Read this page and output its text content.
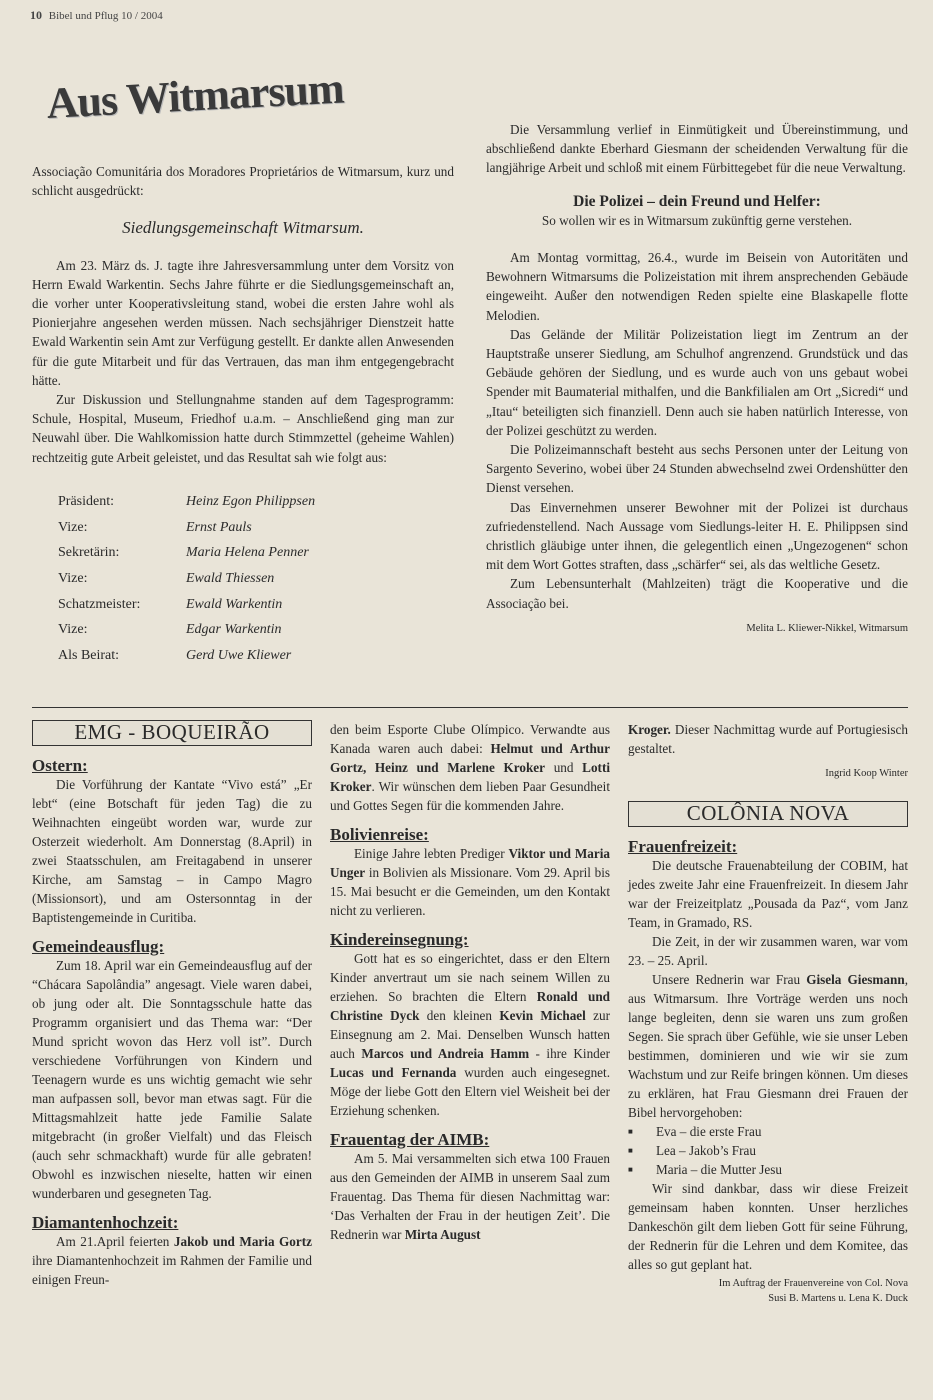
10 Bibel und Pflug 10 / 2004
Aus Witmarsum

Associação Comunitária dos Moradores Proprietários de Witmarsum, kurz und schlicht ausgedrückt:

Siedlungsgemeinschaft Witmarsum.

Am 23. März ds. J. tagte ihre Jahresversammlung unter dem Vorsitz von Herrn Ewald Warkentin. Sechs Jahre führte er die Siedlungsgemeinschaft an, die vorher unter Kooperativsleitung stand, wobei die ersten Jahre wohl als Pionierjahre angesehen werden müssen. Nach sechsjähriger Dienstzeit hatte Ewald Warkentin sein Amt zur Verfügung gestellt. Er dankte allen Anwesenden für die gute Mitarbeit und für das Vertrauen, das man ihm entgegengebracht hätte.

Zur Diskussion und Stellungnahme standen auf dem Tagesprogramm: Schule, Hospital, Museum, Friedhof u.a.m. – Anschließend ging man zur Neuwahl über. Die Wahlkomission hatte durch Stimmzettel (geheime Wahlen) rechtzeitig gute Arbeit geleistet, und das Resultat sah wie folgt aus:

Präsident:	Heinz Egon Philippsen
Vize:	Ernst Pauls
Sekretärin:	Maria Helena Penner
Vize:	Ewald Thiessen
Schatzmeister:	Ewald Warkentin
Vize:	Edgar Warkentin
Als Beirat:	Gerd Uwe Kliewer

Die Versammlung verlief in Einmütigkeit und Übereinstimmung, und abschließend dankte Eberhard Giesmann der scheidenden Verwaltung für die langjährige Arbeit und schloß mit einem Fürbittegebet für die neue Verwaltung.

Die Polizei – dein Freund und Helfer:
So wollen wir es in Witmarsum zukünftig gerne verstehen.

Am Montag vormittag, 26.4., wurde im Beisein von Autoritäten und Bewohnern Witmarsums die Polizeistation mit ihrem ansprechenden Gebäude eingeweiht. Außer den notwendigen Reden spielte eine Blaskapelle flotte Melodien.

Das Gelände der Militär Polizeistation liegt im Zentrum an der Hauptstraße unserer Siedlung, am Schulhof angrenzend. Grundstück und das Gebäude gehören der Siedlung, und es wurde auch von uns gebaut wobei Spender mit Baumaterial mithalfen, und die Bankfilialen am Ort „Sicredi“ und „Itau“ beteiligten sich finanziell. Denn auch sie haben natürlich Interesse, von der Polizei geschützt zu werden.

Die Polizeimannschaft besteht aus sechs Personen unter der Leitung von Sargento Severino, wobei über 24 Stunden abwechselnd zwei Ordenshütter den Dienst versehen.

Das Einvernehmen unserer Bewohner mit der Polizei ist durchaus zufriedenstellend. Nach Aussage vom Siedlungs-leiter H. E. Philippsen sind christlich gläubige unter ihnen, die gelegentlich einen „Ungezogenen“ schon mit dem Wort Gottes straften, dass „schärfer“ sei, als das weltliche Gesetz.

Zum Lebensunterhalt (Mahlzeiten) trägt die Kooperative und die Associação bei.

Melita L. Kliewer-Nikkel, Witmarsum
EMG - BOQUEIRÃO
Ostern:

Die Vorführung der Kantate “Vivo está” „Er lebt“ (eine Botschaft für jeden Tag) die zu Weihnachten eingeübt worden war, wurde zur Osterzeit wiederholt. Am Donnerstag (8.April) in zwei Staatsschulen, am Freitagabend in unserer Kirche, am Samstag – in Campo Magro (Missionsort), und am Ostersonntag in der Baptistengemeinde in Curitiba.

Gemeindeausflug:

Zum 18. April war ein Gemeindeausflug auf der “Chácara Sapolândia” angesagt. Viele waren dabei, ob jung oder alt. Die Sonntagsschule hatte das Programm organisiert und das Thema war: “Der Mund spricht wovon das Herz voll ist”. Durch verschiedene Vorführungen von Kindern und Teenagern wurde es uns wichtig gemacht wie sehr man aufpassen soll, bevor man etwas sagt. Für die Mittagsmahlzeit hatte jede Familie Salate mitgebracht (in großer Vielfalt) und das Fleisch (auch sehr schmackhaft) wurde für alle gebraten! Obwohl es inzwischen nieselte, hatten wir einen wunderbaren und gesegneten Tag.

Diamantenhochzeit:

Am 21.April feierten Jakob und Maria Gortz ihre Diamantenhochzeit im Rahmen der Familie und einigen Freun-

den beim Esporte Clube Olímpico. Verwandte aus Kanada waren auch dabei: Helmut und Arthur Gortz, Heinz und Marlene Kroker und Lotti Kroker. Wir wünschen dem lieben Paar Gesundheit und Gottes Segen für die kommenden Jahre.

Bolivienreise:

Einige Jahre lebten Prediger Viktor und Maria Unger in Bolivien als Missionare. Vom 29. April bis 15. Mai besucht er die Gemeinden, um den Kontakt nicht zu verlieren.

Kindereinsegnung:

Gott hat es so eingerichtet, dass er den Eltern Kinder anvertraut um sie nach seinem Willen zu erziehen. So brachten die Eltern Ronald und Christine Dyck den kleinen Kevin Michael zur Einsegnung am 2. Mai. Denselben Wunsch hatten auch Marcos und Andreia Hamm - ihre Kinder Lucas und Fernanda wurden auch eingesegnet. Möge der liebe Gott den Eltern viel Weisheit bei der Erziehung schenken.

Frauentag der AIMB:

Am 5. Mai versammelten sich etwa 100 Frauen aus den Gemeinden der AIMB in unserem Saal zum Frauentag. Das Thema für diesen Nachmittag war: ‘Das Verhalten der Frau in der heutigen Zeit’. Die Rednerin war Mirta August

Kroger. Dieser Nachmittag wurde auf Portugiesisch gestaltet.

Ingrid Koop Winter
COLÔNIA NOVA
Frauenfreizeit:

Die deutsche Frauenabteilung der COBIM, hat jedes zweite Jahr eine Frauenfreizeit. In diesem Jahr war der Freizeitplatz „Pousada da Paz“, vom Janz Team, in Gramado, RS.

Die Zeit, in der wir zusammen waren, war vom 23. – 25. April.

Unsere Rednerin war Frau Gisela Giesmann, aus Witmarsum. Ihre Vorträge werden uns noch lange begleiten, denn sie waren uns zum großen Segen. Sie sprach über Gefühle, wie sie unser Leben bestimmen, dominieren und wie wir sie zum Wachstum und zur Reife bringen können. Um dieses zu erklären, hat Frau Giesmann drei Frauen der Bibel hervorgehoben:

■ Eva – die erste Frau
■ Lea – Jakob’s Frau
■ Maria – die Mutter Jesu

Wir sind dankbar, dass wir diese Freizeit gemeinsam haben konnten. Unser herzliches Dankeschön gilt dem lieben Gott für seine Führung, der Rednerin für die Lehren und dem Komitee, das alles so gut geplant hat.

Im Auftrag der Frauenvereine von Col. Nova
Susi B. Martens u. Lena K. Duck
